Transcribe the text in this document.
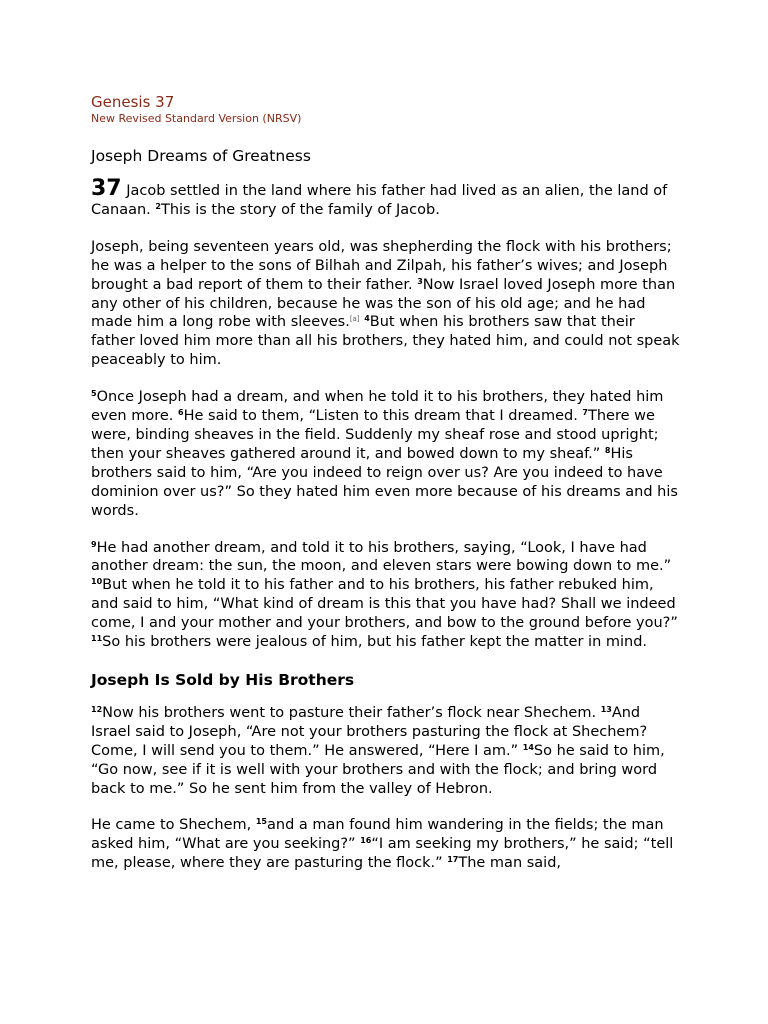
Genesis 37
New Revised Standard Version (NRSV)
Joseph Dreams of Greatness

37 Jacob settled in the land where his father had lived as an alien, the land of Canaan. $^2$This is the story of the family of Jacob.

Joseph, being seventeen years old, was shepherding the flock with his brothers; he was a helper to the sons of Bilhah and Zilpah, his father’s wives; and Joseph brought a bad report of them to their father. $^3$Now Israel loved Joseph more than any other of his children, because he was the son of his old age; and he had made him a long robe with sleeves.[a] $^4$But when his brothers saw that their father loved him more than all his brothers, they hated him, and could not speak peaceably to him.

$^5$Once Joseph had a dream, and when he told it to his brothers, they hated him even more. $^6$He said to them, “Listen to this dream that I dreamed. $^7$There we were, binding sheaves in the field. Suddenly my sheaf rose and stood upright; then your sheaves gathered around it, and bowed down to my sheaf.” $^8$His brothers said to him, “Are you indeed to reign over us? Are you indeed to have dominion over us?” So they hated him even more because of his dreams and his words.

$^9$He had another dream, and told it to his brothers, saying, “Look, I have had another dream: the sun, the moon, and eleven stars were bowing down to me.” $^{10}$But when he told it to his father and to his brothers, his father rebuked him, and said to him, “What kind of dream is this that you have had? Shall we indeed come, I and your mother and your brothers, and bow to the ground before you?” $^{11}$So his brothers were jealous of him, but his father kept the matter in mind.

Joseph Is Sold by His Brothers

$^{12}$Now his brothers went to pasture their father’s flock near Shechem. $^{13}$And Israel said to Joseph, “Are not your brothers pasturing the flock at Shechem? Come, I will send you to them.” He answered, “Here I am.” $^{14}$So he said to him, “Go now, see if it is well with your brothers and with the flock; and bring word back to me.” So he sent him from the valley of Hebron.

He came to Shechem, $^{15}$and a man found him wandering in the fields; the man asked him, “What are you seeking?” $^{16}$“I am seeking my brothers,” he said; “tell me, please, where they are pasturing the flock.” $^{17}$The man said,
